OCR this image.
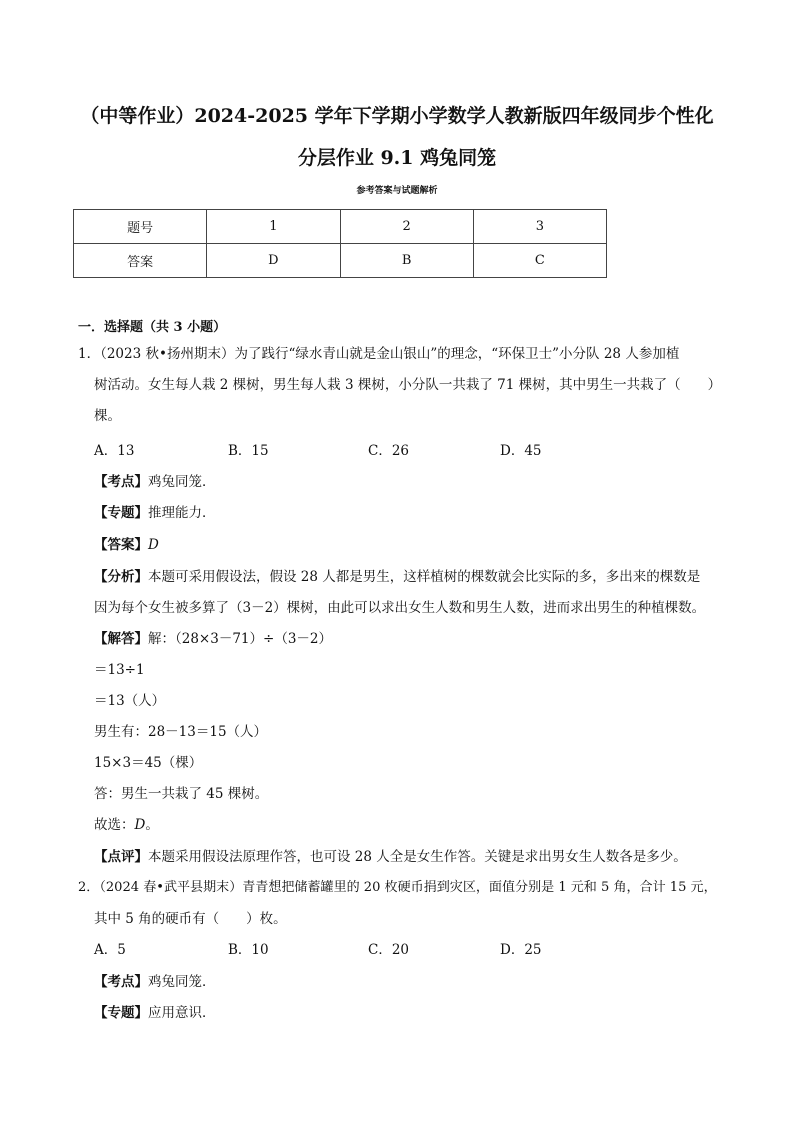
（中等作业）2024-2025 学年下学期小学数学人教新版四年级同步个性化
分层作业 9.1 鸡兔同笼
参考答案与试题解析
题号	1	2	3
答案	D	B	C
一．选择题（共 3 小题）
1．（2023 秋•扬州期末）为了践行“绿水青山就是金山银山”的理念，“环保卫士”小分队 28 人参加植
树活动。女生每人栽 2 棵树，男生每人栽 3 棵树，小分队一共栽了 71 棵树，其中男生一共栽了（　　）
棵。
A．13	B．15	C．26	D．45
【考点】鸡兔同笼．
【专题】推理能力．
【答案】D
【分析】本题可采用假设法，假设 28 人都是男生，这样植树的棵数就会比实际的多，多出来的棵数是
因为每个女生被多算了（3－2）棵树，由此可以求出女生人数和男生人数，进而求出男生的种植棵数。
【解答】解：（28×3－71）÷（3－2）
＝13÷1
＝13（人）
男生有：28－13＝15（人）
15×3＝45（棵）
答：男生一共栽了 45 棵树。
故选：D。
【点评】本题采用假设法原理作答，也可设 28 人全是女生作答。关键是求出男女生人数各是多少。
2．（2024 春•武平县期末）青青想把储蓄罐里的 20 枚硬币捐到灾区，面值分别是 1 元和 5 角，合计 15 元，
其中 5 角的硬币有（　　）枚。
A．5	B．10	C．20	D．25
【考点】鸡兔同笼．
【专题】应用意识．
